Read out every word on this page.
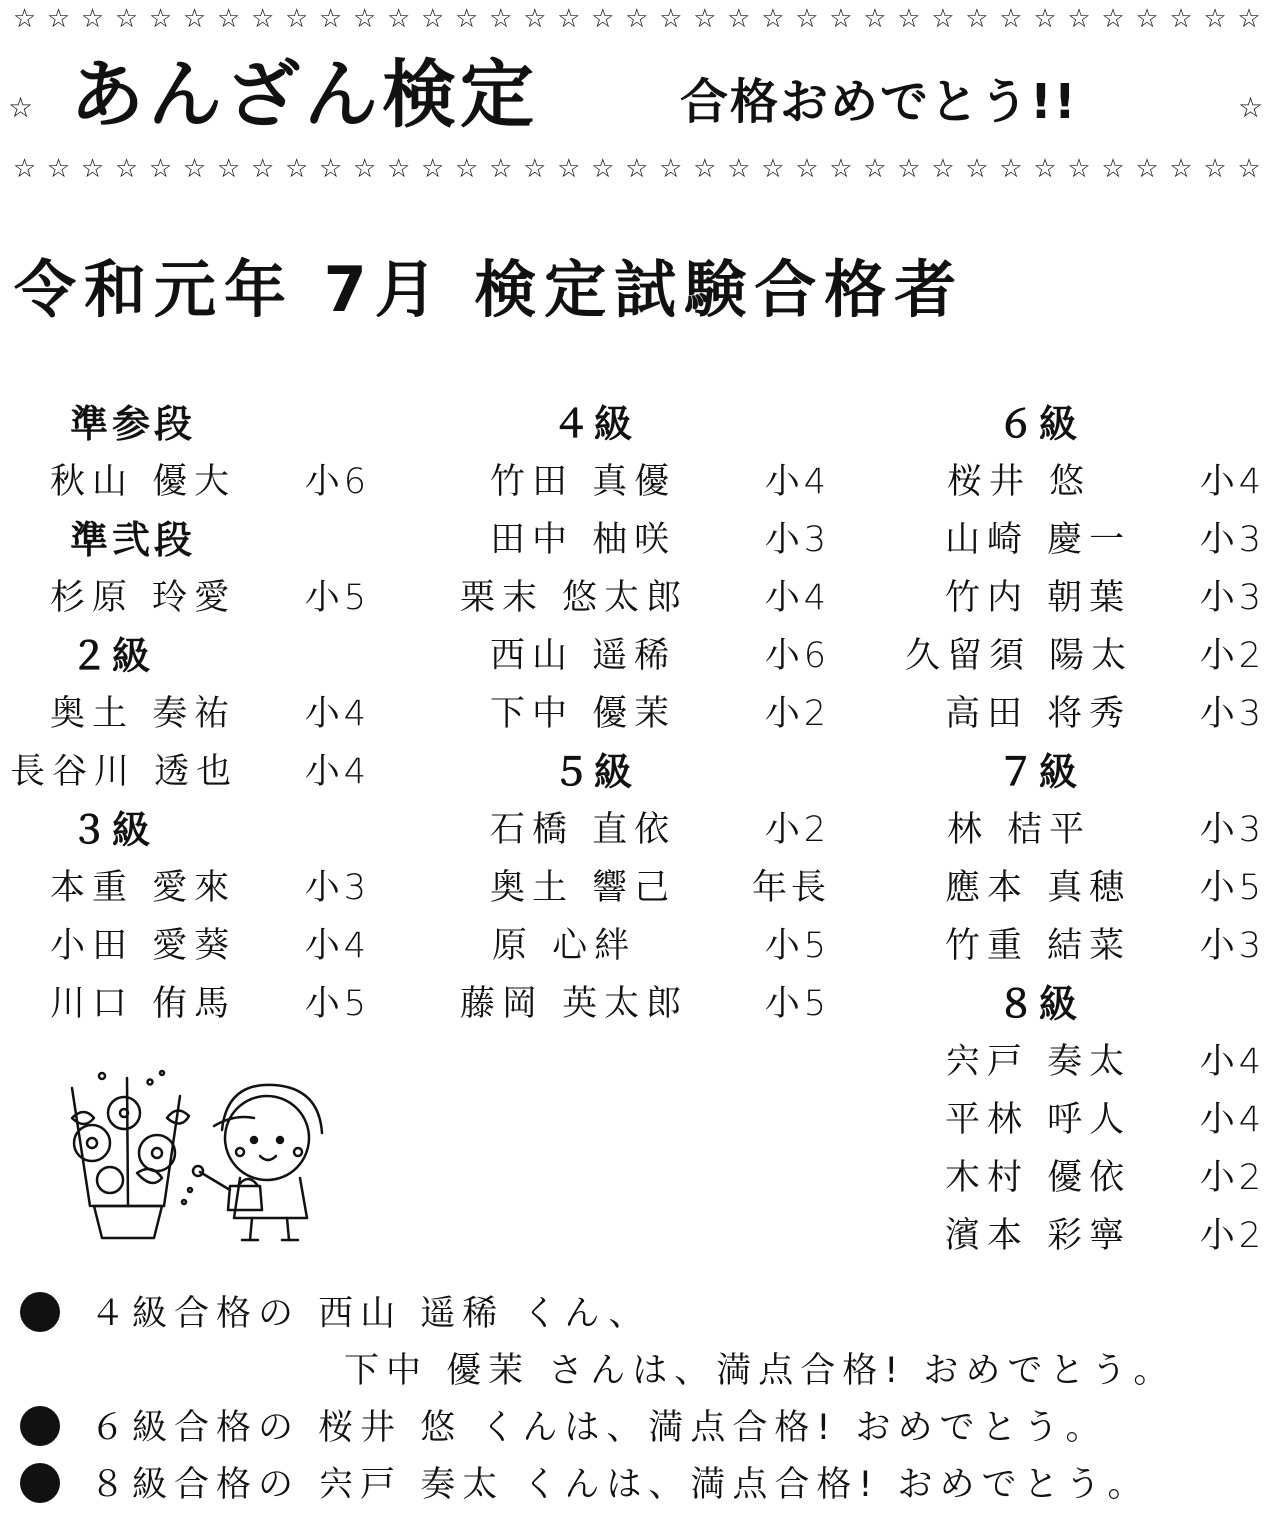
☆ ☆ ☆ ☆ ☆ ☆ ☆ ☆ ☆ ☆ ☆ ☆ ☆ ☆ ☆ ☆ ☆ ☆ ☆ ☆ ☆ ☆ ☆ ☆ ☆ ☆ ☆ ☆ ☆ ☆ ☆ ☆ ☆ ☆ ☆ ☆ ☆
☆ あんざん検定	合格おめでとう!!	☆
☆ ☆ ☆ ☆ ☆ ☆ ☆ ☆ ☆ ☆ ☆ ☆ ☆ ☆ ☆ ☆ ☆ ☆ ☆ ☆ ☆ ☆ ☆ ☆ ☆ ☆ ☆ ☆ ☆ ☆ ☆ ☆ ☆ ☆ ☆ ☆ ☆
令和元年 7月 検定試験合格者
準参段
秋山 優大 小6
準弐段
杉原 玲愛 小5
２級
奥土 奏祐 小4
長谷川 透也 小4
３級
本重 愛來 小3
小田 愛葵 小4
川口 侑馬 小5
４級
竹田 真優	小4
田中 柚咲	小3
栗末 悠太郎 小4
西山 遥稀	小6
下中 優茉	小2
５級
石橋 直依	小2
奥土 響己 年長
原 心絆	小5
藤岡 英太郎 小5
６級
桜井 悠	小4
山崎 慶一 小3
竹内 朝葉 小3
久留須 陽太 小2
高田 将秀 小3
７級
林 桔平	小3
應本 真穂 小5
竹重 結菜 小3
８級
宍戸 奏太 小4
平林 呼人 小4
木村 優依 小2
濱本 彩寧 小2
４級合格の 西山 遥稀 くん、
下中 優茉 さんは、満点合格! おめでとう。
６級合格の 桜井 悠 くんは、満点合格! おめでとう。
８級合格の 宍戸 奏太 くんは、満点合格! おめでとう。
